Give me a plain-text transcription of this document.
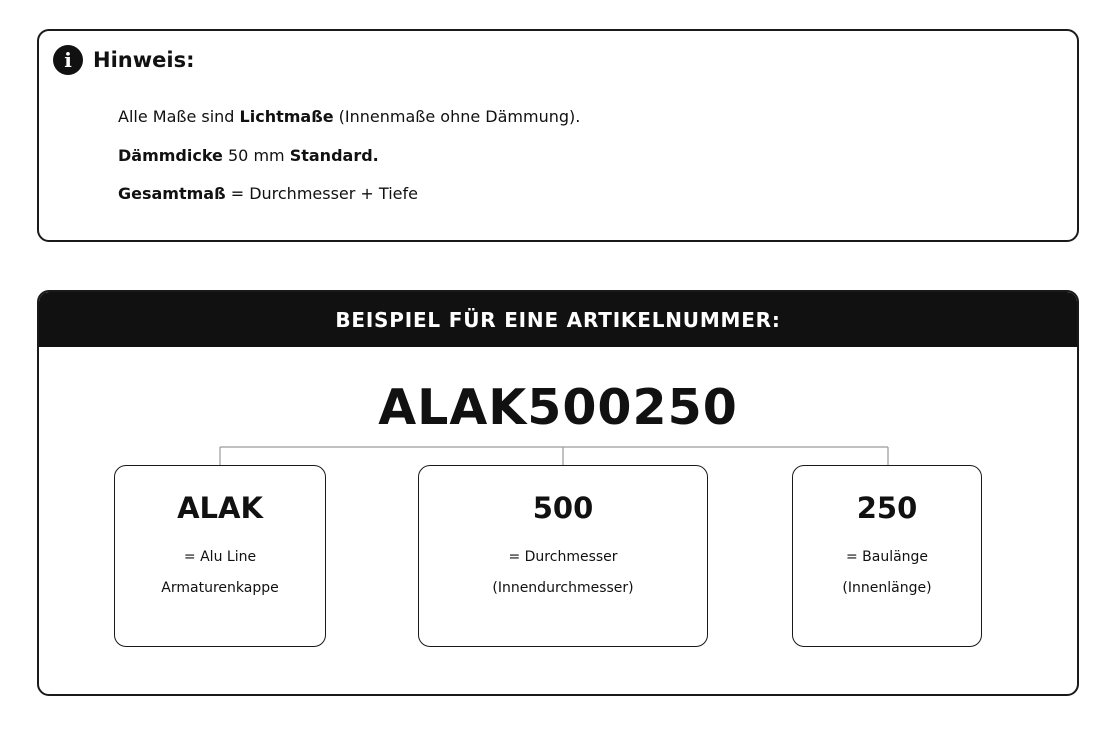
i	Hinweis:

Alle Maße sind Lichtmaße (Innenmaße ohne Dämmung).

Dämmdicke 50 mm Standard.

Gesamtmaß = Durchmesser + Tiefe

BEISPIEL FÜR EINE ARTIKELNUMMER:
ALAK500250
ALAK
= Alu Line
Armaturenkappe
500
= Durchmesser
(Innendurchmesser)
250
= Baulänge
(Innenlänge)
